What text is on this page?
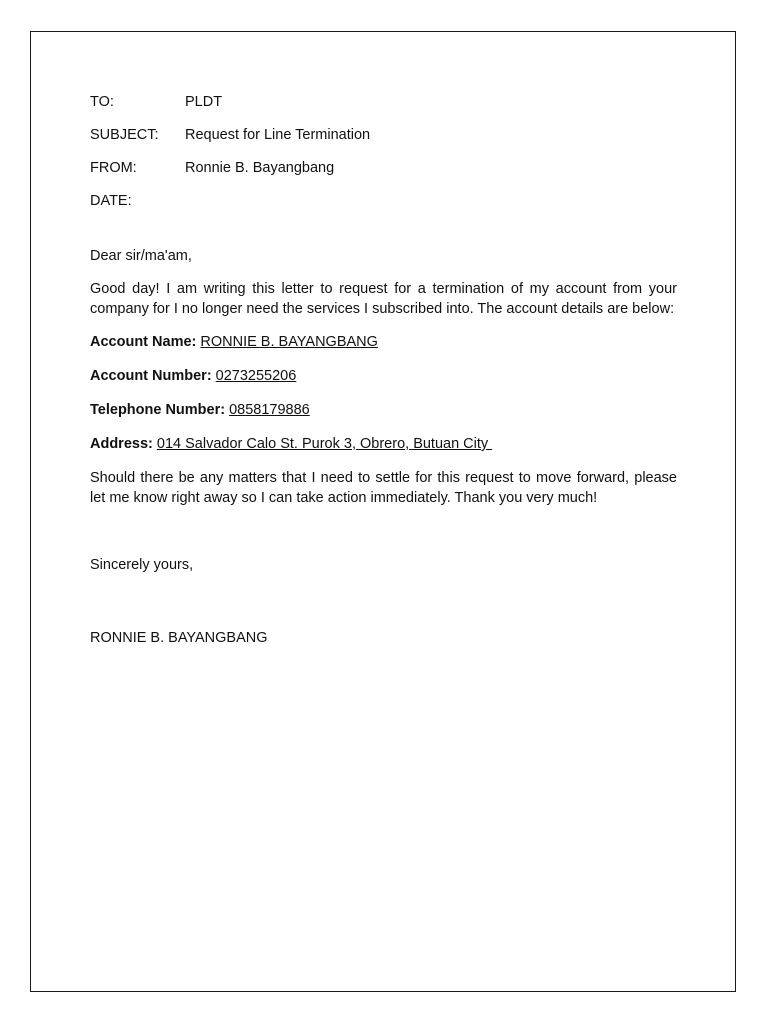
TO:	PLDT
SUBJECT:	Request for Line Termination
FROM:	Ronnie B. Bayangbang
DATE:
Dear sir/ma'am,

Good day! I am writing this letter to request for a termination of my account from your company for I no longer need the services I subscribed into. The account details are below:

Account Name: RONNIE B. BAYANGBANG
Account Number: 0273255206
Telephone Number: 0858179886
Address: 014 Salvador Calo St. Purok 3, Obrero, Butuan City

Should there be any matters that I need to settle for this request to move forward, please let me know right away so I can take action immediately. Thank you very much!

Sincerely yours,
RONNIE B. BAYANGBANG
